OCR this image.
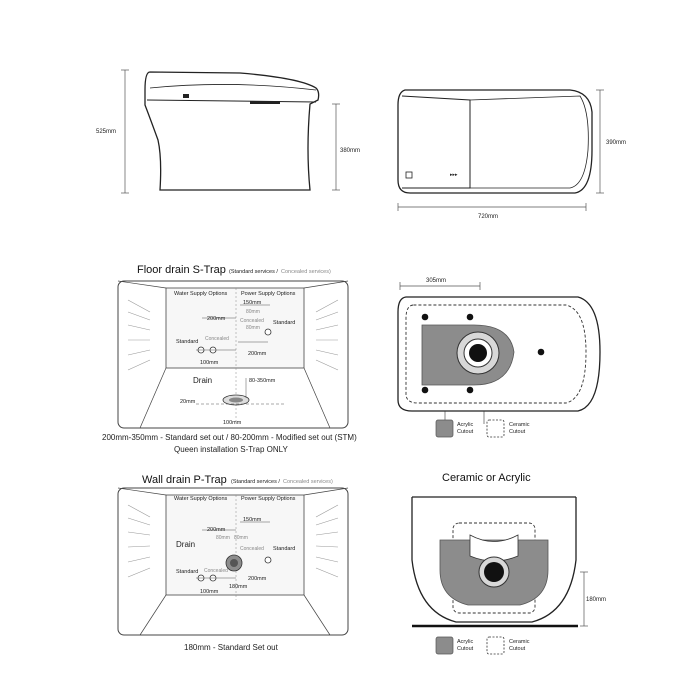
525mm
380mm
▸▸▸
390mm
720mm
Floor drain S-Trap (Standard services / Concealed services)
Water Supply Options Power Supply Options
150mm
200mm
80mm
Concealed
80mm
Concealed
Standard
Standard
100mm
200mm
Drain	80-350mm
20mm
100mm
200mm-350mm - Standard set out / 80-200mm - Modified set out (STM)
Queen installation S-Trap ONLY
305mm
Acrylic
Cutout
Ceramic
Cutout
Wall drain P-Trap (Standard services / Concealed services)
Water Supply Options Power Supply Options
150mm
200mm
80mm 80mm
Drain	Concealed Standard
Standard Concealed
200mm
180mm
100mm
180mm - Standard Set out
Ceramic or Acrylic
180mm
Acrylic
Cutout
Ceramic
Cutout
